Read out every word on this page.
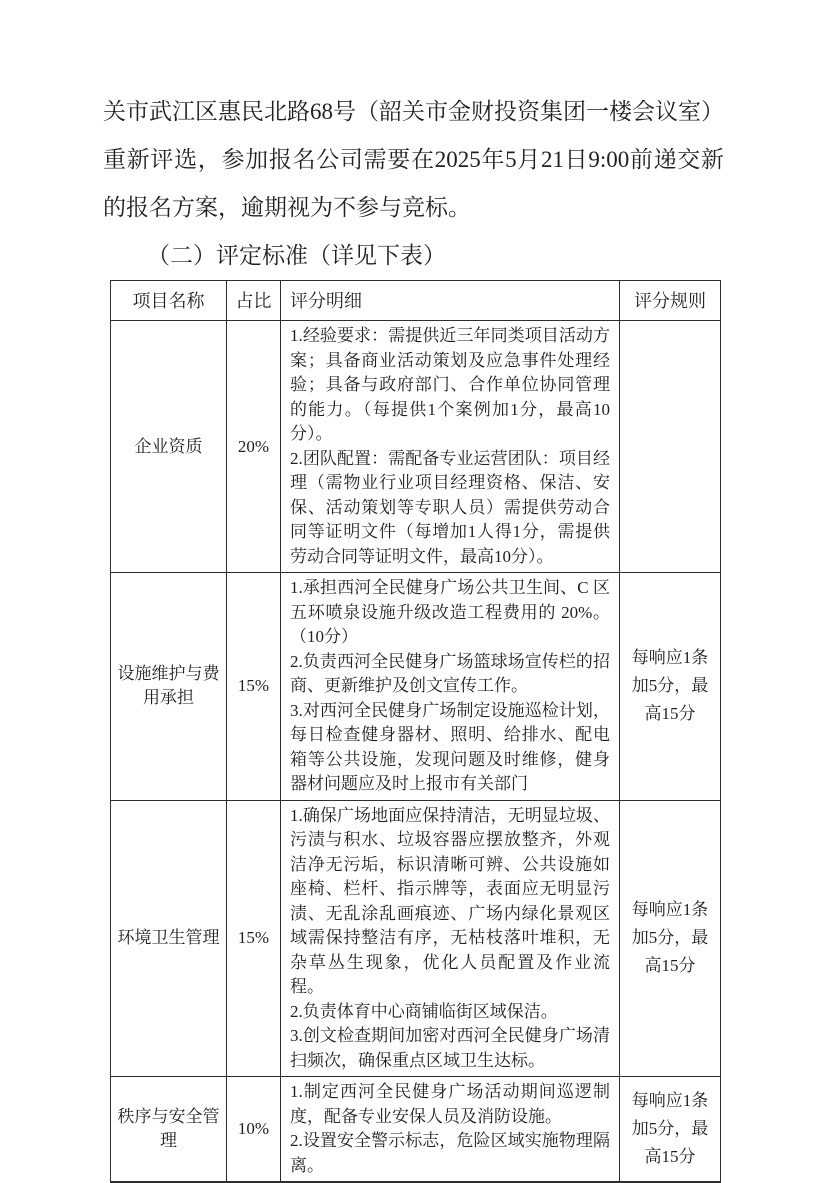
关市武江区惠民北路68号（韶关市金财投资集团一楼会议室）重新评选，参加报名公司需要在2025年5月21日9:00前递交新的报名方案，逾期视为不参与竞标。

（二）评定标准（详见下表）

项目名称	占比	评分明细	评分规则
企业资质	20%	1.经验要求：需提供近三年同类项目活动方案；具备商业活动策划及应急事件处理经验；具备与政府部门、合作单位协同管理的能力。（每提供1个案例加1分，最高10分）。

2.团队配置：需配备专业运营团队：项目经理（需物业行业项目经理资格、保洁、安保、活动策划等专职人员）需提供劳动合同等证明文件（每增加1人得1分，需提供劳动合同等证明文件，最高10分）。	

设施维护与费用承担	15%	1.承担西河全民健身广场公共卫生间、C 区五环喷泉设施升级改造工程费用的 20%。（10分）

2.负责西河全民健身广场篮球场宣传栏的招商、更新维护及创文宣传工作。

3.对西河全民健身广场制定设施巡检计划，每日检查健身器材、照明、给排水、配电箱等公共设施，发现问题及时维修，健身器材问题应及时上报市有关部门	每响应1条加5分，最高15分
环境卫生管理	15%	1.确保广场地面应保持清洁，无明显垃圾、污渍与积水、垃圾容器应摆放整齐，外观洁净无污垢，标识清晰可辨、公共设施如座椅、栏杆、指示牌等，表面应无明显污渍、无乱涂乱画痕迹、广场内绿化景观区域需保持整洁有序，无枯枝落叶堆积，无杂草丛生现象，优化人员配置及作业流程。

2.负责体育中心商铺临街区域保洁。

3.创文检查期间加密对西河全民健身广场清扫频次，确保重点区域卫生达标。	每响应1条加5分，最高15分
秩序与安全管理	10%	1.制定西河全民健身广场活动期间巡逻制度，配备专业安保人员及消防设施。

2.设置安全警示标志，危险区域实施物理隔离。	每响应1条加5分，最高15分
